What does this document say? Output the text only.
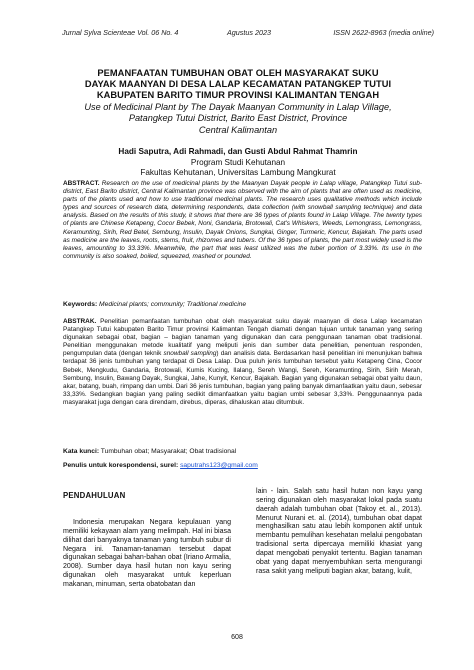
Jurnal Sylva Scienteae Vol. 06 No. 4	Agustus 2023	ISSN 2622-8963 (media online)
PEMANFAATAN TUMBUHAN OBAT OLEH MASYARAKAT SUKU
DAYAK MAANYAN DI DESA LALAP KECAMATAN PATANGKEP TUTUI
KABUPATEN BARITO TIMUR PROVINSI KALIMANTAN TENGAH
Use of Medicinal Plant by The Dayak Maanyan Community in Lalap Village,
Patangkep Tutui District, Barito East District, Province
Central Kalimantan
Hadi Saputra, Adi Rahmadi, dan Gusti Abdul Rahmat Thamrin
Program Studi Kehutanan
Fakultas Kehutanan, Universitas Lambung Mangkurat
ABSTRACT. Research on the use of medicinal plants by the Maanyan Dayak people in Lalap village, Patangkep Tutui sub-district, East Barito district, Central Kalimantan province was observed with the aim of plants that are often used as medicine, parts of the plants used and how to use traditional medicinal plants. The research uses qualitative methods which include types and sources of research data, determining respondents, data collection (with snowball sampling technique) and data analysis. Based on the results of this study, it shows that there are 36 types of plants found in Lalap Village. The twenty types of plants are Chinese Ketapeng, Cocor Bebek, Noni, Gandaria, Brotowali, Cat's Whiskers, Weeds, Lemongrass, Lemongrass, Keramunting, Sirih, Red Betel, Sembung, Insulin, Dayak Onions, Sungkai, Ginger, Turmeric, Kencur, Bajakah. The parts used as medicine are the leaves, roots, stems, fruit, rhizomes and tubers. Of the 36 types of plants, the part most widely used is the leaves, amounting to 33.33%. Meanwhile, the part that was least utilized was the tuber portion of 3.33%. Its use in the community is also soaked, boiled, squeezed, mashed or pounded.
Keywords: Medicinal plants; community; Traditional medicine
ABSTRAK. Penelitian pemanfaatan tumbuhan obat oleh masyarakat suku dayak maanyan di desa Lalap kecamatan Patangkep Tutui kabupaten Barito Timur provinsi Kalimantan Tengah diamati dengan tujuan untuk tanaman yang sering digunakan sebagai obat, bagian – bagian tanaman yang digunakan dan cara penggunaan tanaman obat tradisional. Penelitian menggunakan metode kualitatif yang meliputi jenis dan sumber data penelitian, penentuan responden, pengumpulan data (dengan teknik snowball sampling) dan analisis data. Berdasarkan hasil penelitian ini menunjukan bahwa terdapat 36 jenis tumbuhan yang terdapat di Desa Lalap. Dua puluh jenis tumbuhan tersebut yaitu Ketapeng Cina, Cocor Bebek, Mengkudu, Gandaria, Brotowali, Kumis Kucing, Ilalang, Sereh Wangi, Sereh, Keramunting, Sirih, Sirih Merah, Sembung, Insulin, Bawang Dayak, Sungkai, Jahe, Kunyit, Kencur, Bajakah. Bagian yang digunakan sebagai obat yaitu daun, akar, batang, buah, rimpang dan umbi. Dari 36 jenis tumbuhan, bagian yang paling banyak dimanfaatkan yaitu daun, sebesar 33,33%. Sedangkan bagian yang paling sedikit dimanfaatkan yaitu bagian umbi sebesar 3,33%. Penggunaannya pada masyarakat juga dengan cara direndam, direbus, diperas, dihaluskan atau ditumbuk.
Kata kunci: Tumbuhan obat; Masyarakat; Obat tradisional
Penulis untuk korespondensi, surel: saputrahs123@gmail.com
PENDAHULUAN

Indonesia merupakan Negara kepulauan yang memiliki kekayaan alam yang melimpah. Hal ini biasa dilihat dari banyaknya tanaman yang tumbuh subur di Negara ini. Tanaman-tanaman tersebut dapat digunakan sebagai bahan-bahan obat (Iriano Armalia, 2008). Sumber daya hasil hutan non kayu sering digunakan oleh masyarakat untuk keperluan makanan, minuman, serta obatobatan dan

lain - lain. Salah satu hasil hutan non kayu yang sering digunakan oleh masyarakat lokal pada suatu daerah adalah tumbuhan obat (Takoy et. al., 2013). Menurut Nurani et. al. (2014), tumbuhan obat dapat menghasilkan satu atau lebih komponen aktif untuk membantu pemulihan kesehatan melalui pengobatan tradisional serta dipercaya memiliki khasiat yang dapat mengobati penyakit tertentu. Bagian tanaman obat yang dapat menyembuhkan serta mengurangi rasa sakit yang meliputi bagian akar, batang, kulit,

608
